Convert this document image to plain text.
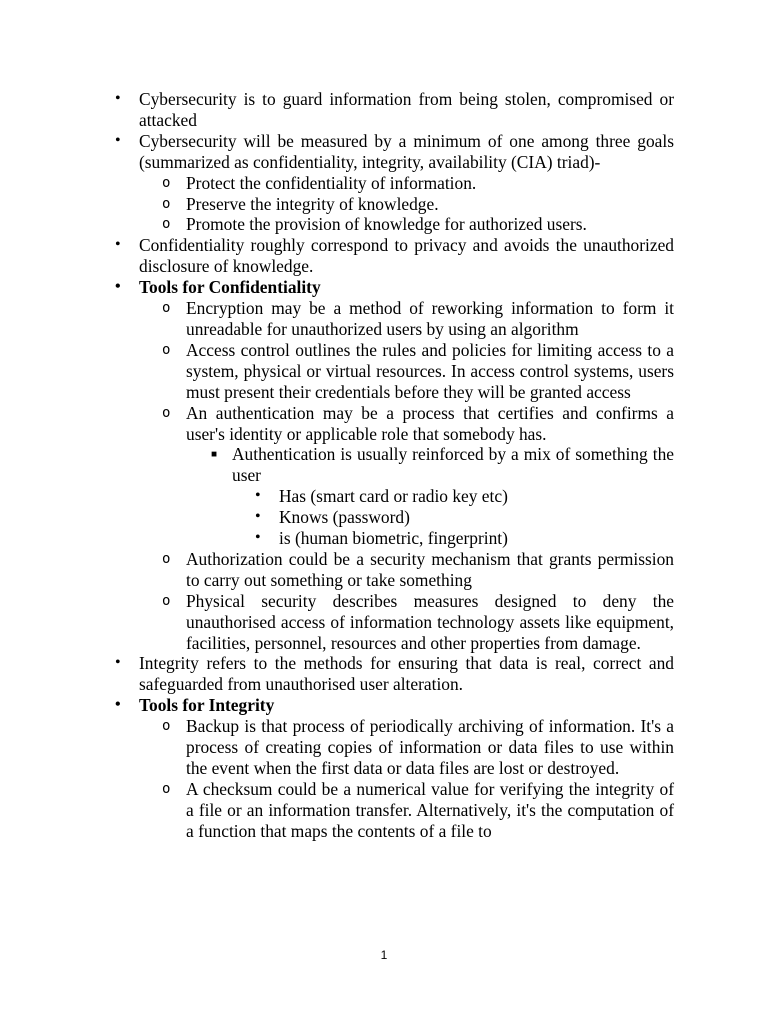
• Cybersecurity is to guard information from being stolen, compromised or attacked
• Cybersecurity will be measured by a minimum of one among three goals (summarized as confidentiality, integrity, availability (CIA) triad)-
o Protect the confidentiality of information.
o Preserve the integrity of knowledge.
o Promote the provision of knowledge for authorized users.
• Confidentiality roughly correspond to privacy and avoids the unauthorized disclosure of knowledge.
• Tools for Confidentiality
o Encryption may be a method of reworking information to form it unreadable for unauthorized users by using an algorithm
o Access control outlines the rules and policies for limiting access to a system, physical or virtual resources. In access control systems, users must present their credentials before they will be granted access
o An authentication may be a process that certifies and confirms a user's identity or applicable role that somebody has.
■ Authentication is usually reinforced by a mix of something the user
• Has (smart card or radio key etc)
• Knows (password)
• is (human biometric, fingerprint)
o Authorization could be a security mechanism that grants permission to carry out something or take something
o Physical security describes measures designed to deny the unauthorised access of information technology assets like equipment, facilities, personnel, resources and other properties from damage.
• Integrity refers to the methods for ensuring that data is real, correct and safeguarded from unauthorised user alteration.
• Tools for Integrity
o Backup is that process of periodically archiving of information. It's a process of creating copies of information or data files to use within the event when the first data or data files are lost or destroyed.
o A checksum could be a numerical value for verifying the integrity of a file or an information transfer. Alternatively, it's the computation of a function that maps the contents of a file to
1
